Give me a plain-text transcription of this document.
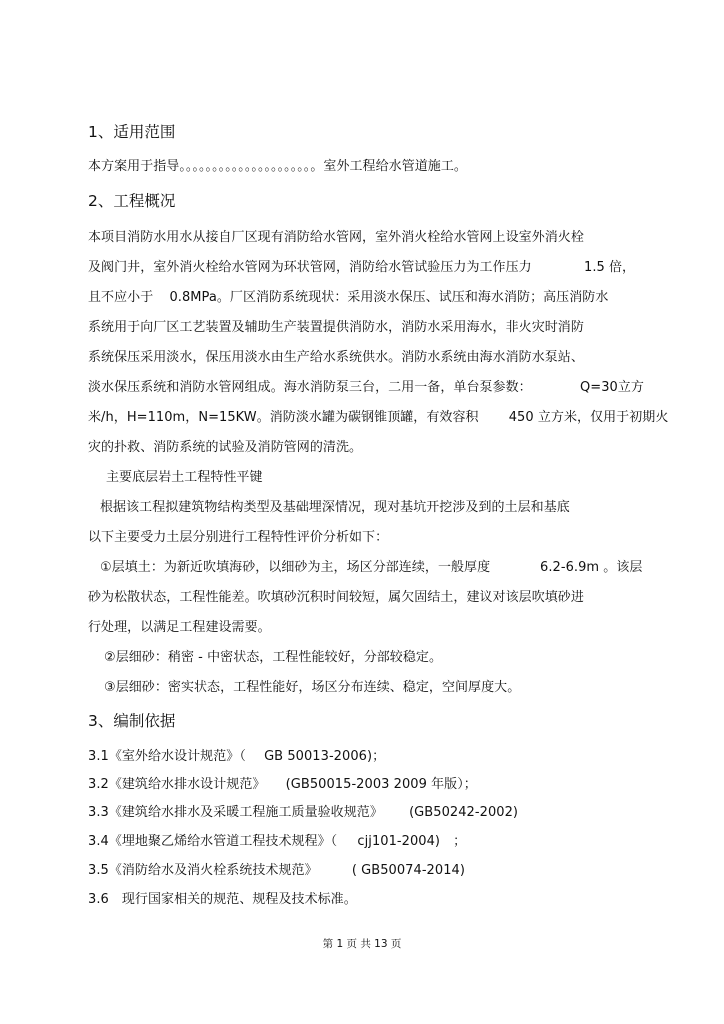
1、适用范围
本方案用于指导。。。。。。。。。。。。。。。。。。。。。室外工程给水管道施工。
2、工程概况
本项目消防水用水从接自厂区现有消防给水管网，室外消火栓给水管网上设室外消火栓
及阀门井，室外消火栓给水管网为环状管网，消防给水管试验压力为工作压力	1.5 倍，
且不应小于 0.8MPa。厂区消防系统现状：采用淡水保压、试压和海水消防；高压消防水
系统用于向厂区工艺装置及辅助生产装置提供消防水，消防水采用海水，非火灾时消防
系统保压采用淡水，保压用淡水由生产给水系统供水。消防水系统由海水消防水泵站、
淡水保压系统和消防水管网组成。海水消防泵三台，二用一备，单台泵参数：	Q=30立方
米/h，H=110m，N=15KW。消防淡水罐为碳钢锥顶罐，有效容积 450 立方米，仅用于初期火
灾的扑救、消防系统的试验及消防管网的清洗。
主要底层岩土工程特性平键
根据该工程拟建筑物结构类型及基础埋深情况，现对基坑开挖涉及到的土层和基底
以下主要受力土层分别进行工程特性评价分析如下：
①层填土：为新近吹填海砂，以细砂为主，场区分部连续，一般厚度	6.2-6.9m 。该层
砂为松散状态，工程性能差。吹填砂沉积时间较短，属欠固结土，建议对该层吹填砂进
行处理，以满足工程建设需要。
②层细砂：稍密 - 中密状态，工程性能较好，分部较稳定。
③层细砂：密实状态，工程性能好，场区分布连续、稳定，空间厚度大。
3、编制依据
3.1《室外给水设计规范》（ GB 50013-2006)；
3.2《建筑给水排水设计规范》 (GB50015-2003 2009 年版）；
3.3《建筑给水排水及采暖工程施工质量验收规范》 (GB50242-2002)
3.4《埋地聚乙烯给水管道工程技术规程》（ cjj101-2004)　；
3.5《消防给水及消火栓系统技术规范》	( GB50074-2014)
3.6　现行国家相关的规范、规程及技术标准。
第 1 页 共 13 页
